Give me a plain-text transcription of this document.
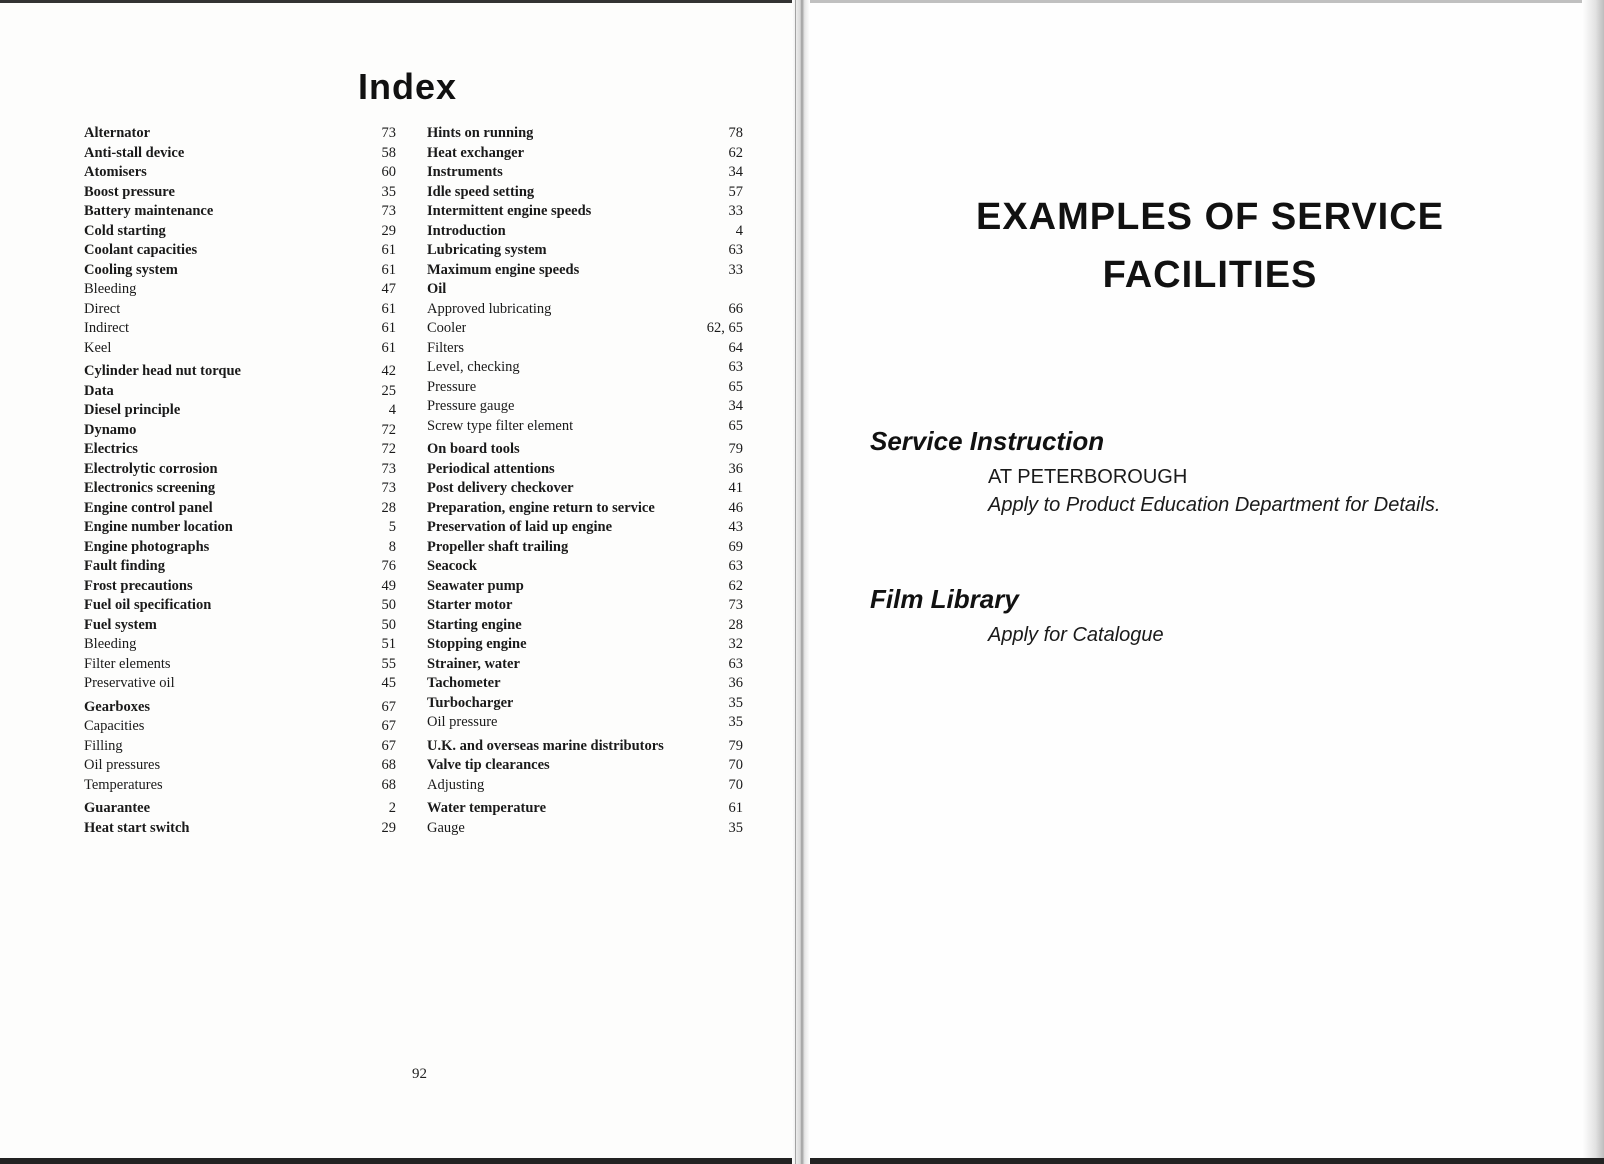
Index
Alternator	73
Anti-stall device	58
Atomisers	60
Boost pressure	35
Battery maintenance	73
Cold starting	29
Coolant capacities	61
Cooling system	61
Bleeding	47
Direct	61
Indirect	61
Keel	61
Cylinder head nut torque	42
Data	25
Diesel principle	4
Dynamo	72
Electrics	72
Electrolytic corrosion	73
Electronics screening	73
Engine control panel	28
Engine number location	5
Engine photographs	8
Fault finding	76
Frost precautions	49
Fuel oil specification	50
Fuel system	50
Bleeding	51
Filter elements	55
Preservative oil	45
Gearboxes	67
Capacities	67
Filling	67
Oil pressures	68
Temperatures	68
Guarantee	2
Heat start switch	29
Hints on running	78
Heat exchanger	62
Instruments	34
Idle speed setting	57
Intermittent engine speeds	33
Introduction	4
Lubricating system	63
Maximum engine speeds	33
Oil
Approved lubricating	66
Cooler	62, 65
Filters	64
Level, checking	63
Pressure	65
Pressure gauge	34
Screw type filter element	65
On board tools	79
Periodical attentions	36
Post delivery checkover	41
Preparation, engine return to service	46
Preservation of laid up engine	43
Propeller shaft trailing	69
Seacock	63
Seawater pump	62
Starter motor	73
Starting engine	28
Stopping engine	32
Strainer, water	63
Tachometer	36
Turbocharger	35
Oil pressure	35
U.K. and overseas marine distributors	79
Valve tip clearances	70
Adjusting	70
Water temperature	61
Gauge	35
92
EXAMPLES OF SERVICE
FACILITIES
Service Instruction
AT PETERBOROUGH
Apply to Product Education Department for Details.
Film Library
Apply for Catalogue
